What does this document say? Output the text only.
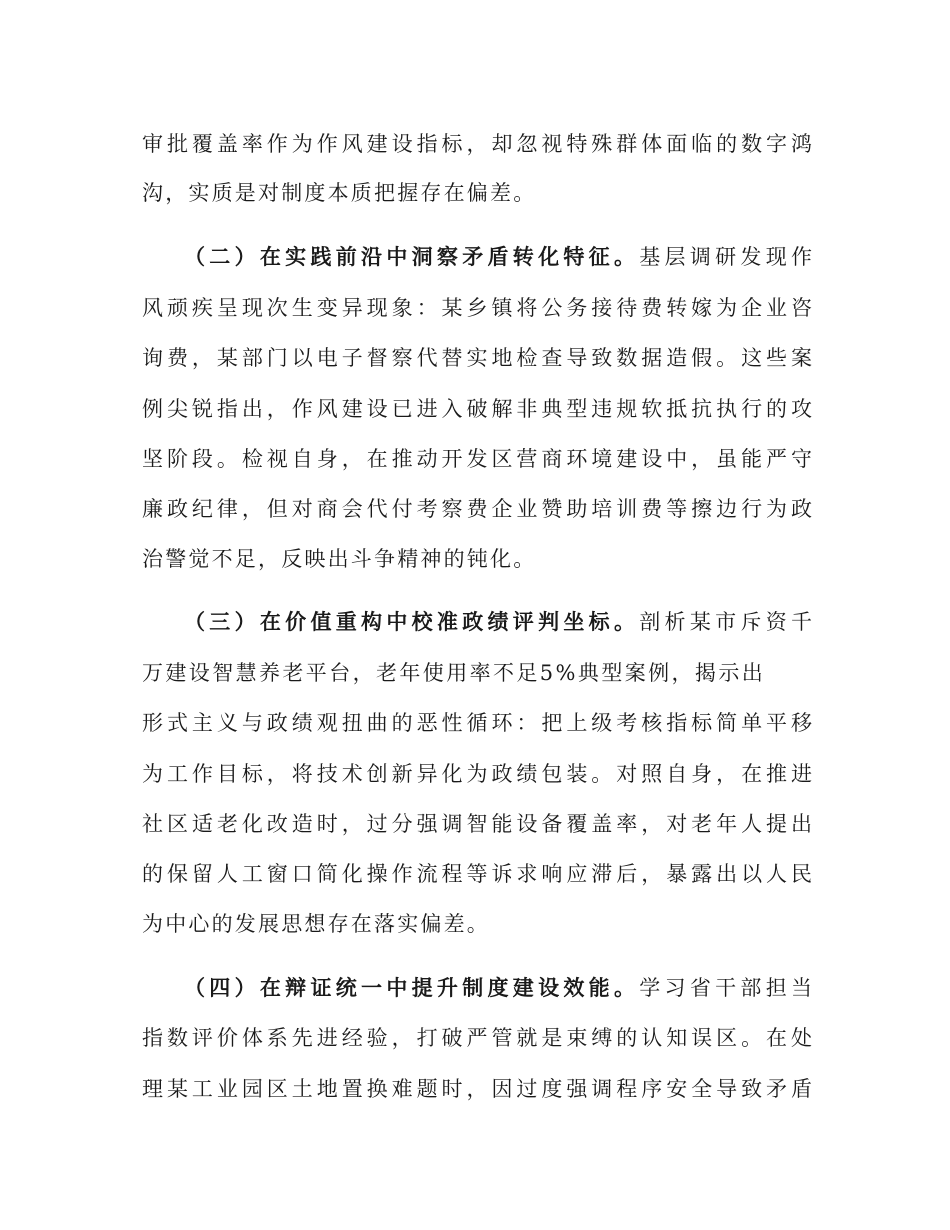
审批覆盖率作为作风建设指标，却忽视特殊群体面临的数字鸿
沟，实质是对制度本质把握存在偏差。
（二）在实践前沿中洞察矛盾转化特征。基层调研发现作
风顽疾呈现次生变异现象：某乡镇将公务接待费转嫁为企业咨
询费，某部门以电子督察代替实地检查导致数据造假。这些案
例尖锐指出，作风建设已进入破解非典型违规软抵抗执行的攻
坚阶段。检视自身，在推动开发区营商环境建设中，虽能严守
廉政纪律，但对商会代付考察费企业赞助培训费等擦边行为政
治警觉不足，反映出斗争精神的钝化。
（三）在价值重构中校准政绩评判坐标。剖析某市斥资千
万建设智慧养老平台，老年使用率不足5%典型案例，揭示出
形式主义与政绩观扭曲的恶性循环：把上级考核指标简单平移
为工作目标，将技术创新异化为政绩包装。对照自身，在推进
社区适老化改造时，过分强调智能设备覆盖率，对老年人提出
的保留人工窗口简化操作流程等诉求响应滞后，暴露出以人民
为中心的发展思想存在落实偏差。
（四）在辩证统一中提升制度建设效能。学习省干部担当
指数评价体系先进经验，打破严管就是束缚的认知误区。在处
理某工业园区土地置换难题时，因过度强调程序安全导致矛盾
